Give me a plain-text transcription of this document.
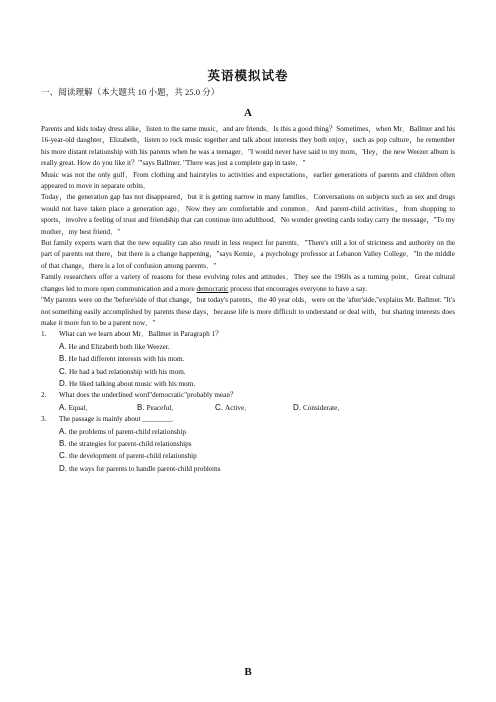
英语模拟试卷
一、阅读理解（本大题共 10 小题，共 25.0 分）
A

Parents and kids today dress alike，listen to the same music，and are friends．Is this a good thing？Sometimes，when Mr．Ballmer and his 16-year-old daughter，Elizabeth，listen to rock music together and talk about interests they both enjoy，such as pop culture，he remember his more distant relationship with his parents when he was a teenager．"I would never have said to my mom，'Hey，the new Weezer album is really great. How do you like it？'"says Ballmer. "There was just a complete gap in taste．"

Music was not the only gulf．From clothing and hairstyles to activities and expectations，earlier generations of parents and children often appeared to move in separate orbits．

Today，the generation gap has not disappeared，but it is getting narrow in many families．Conversations on subjects such as sex and drugs would not have taken place a generation ago．Now they are comfortable and common．And parent-child activities，from shopping to sports，involve a feeling of trust and friendship that can continue into adulthood．No wonder greeting cards today carry the message，"To my mother，my best friend．"

But family experts warn that the new equality can also result in less respect for parents．"There's still a lot of strictness and authority on the part of parents out there，but there is a change happening，"says Kemie，a psychology professor at Lebanon Valley College．"In the middle of that change，there is a lot of confusion among parents．"

Family researchers offer a variety of reasons for these evolving roles and attitudes．They see the 1960s as a turning point．Great cultural changes led to more open communication and a more democratic process that encourages everyone to have a say.

"My parents were on the 'before'side of that change，but today's parents，the 40 year olds，were on the 'after'side,"explains Mr. Ballmer. "It's not something easily accomplished by parents these days，because life is more difficult to understand or deal with，but sharing interests does make it more fun to be a parent now．"

1.	What can we learn about Mr．Ballmer in Paragraph 1？
A. He and Elizabeth both like Weezer.
B. He had different interests with his mom.
C. He had a bad relationship with his mom.
D. He liked talking about music with his mom.
2.	What does the underlined word"democratic"probably mean？
A. Equal．	B. Peaceful．	C. Active．	D. Considerate．
3.	The passage is mainly about ________．
A. the problems of parent-child relationship
B. the strategies for parent-child relationships
C. the development of parent-child relationship
D. the ways for parents to handle parent-child problems
B
